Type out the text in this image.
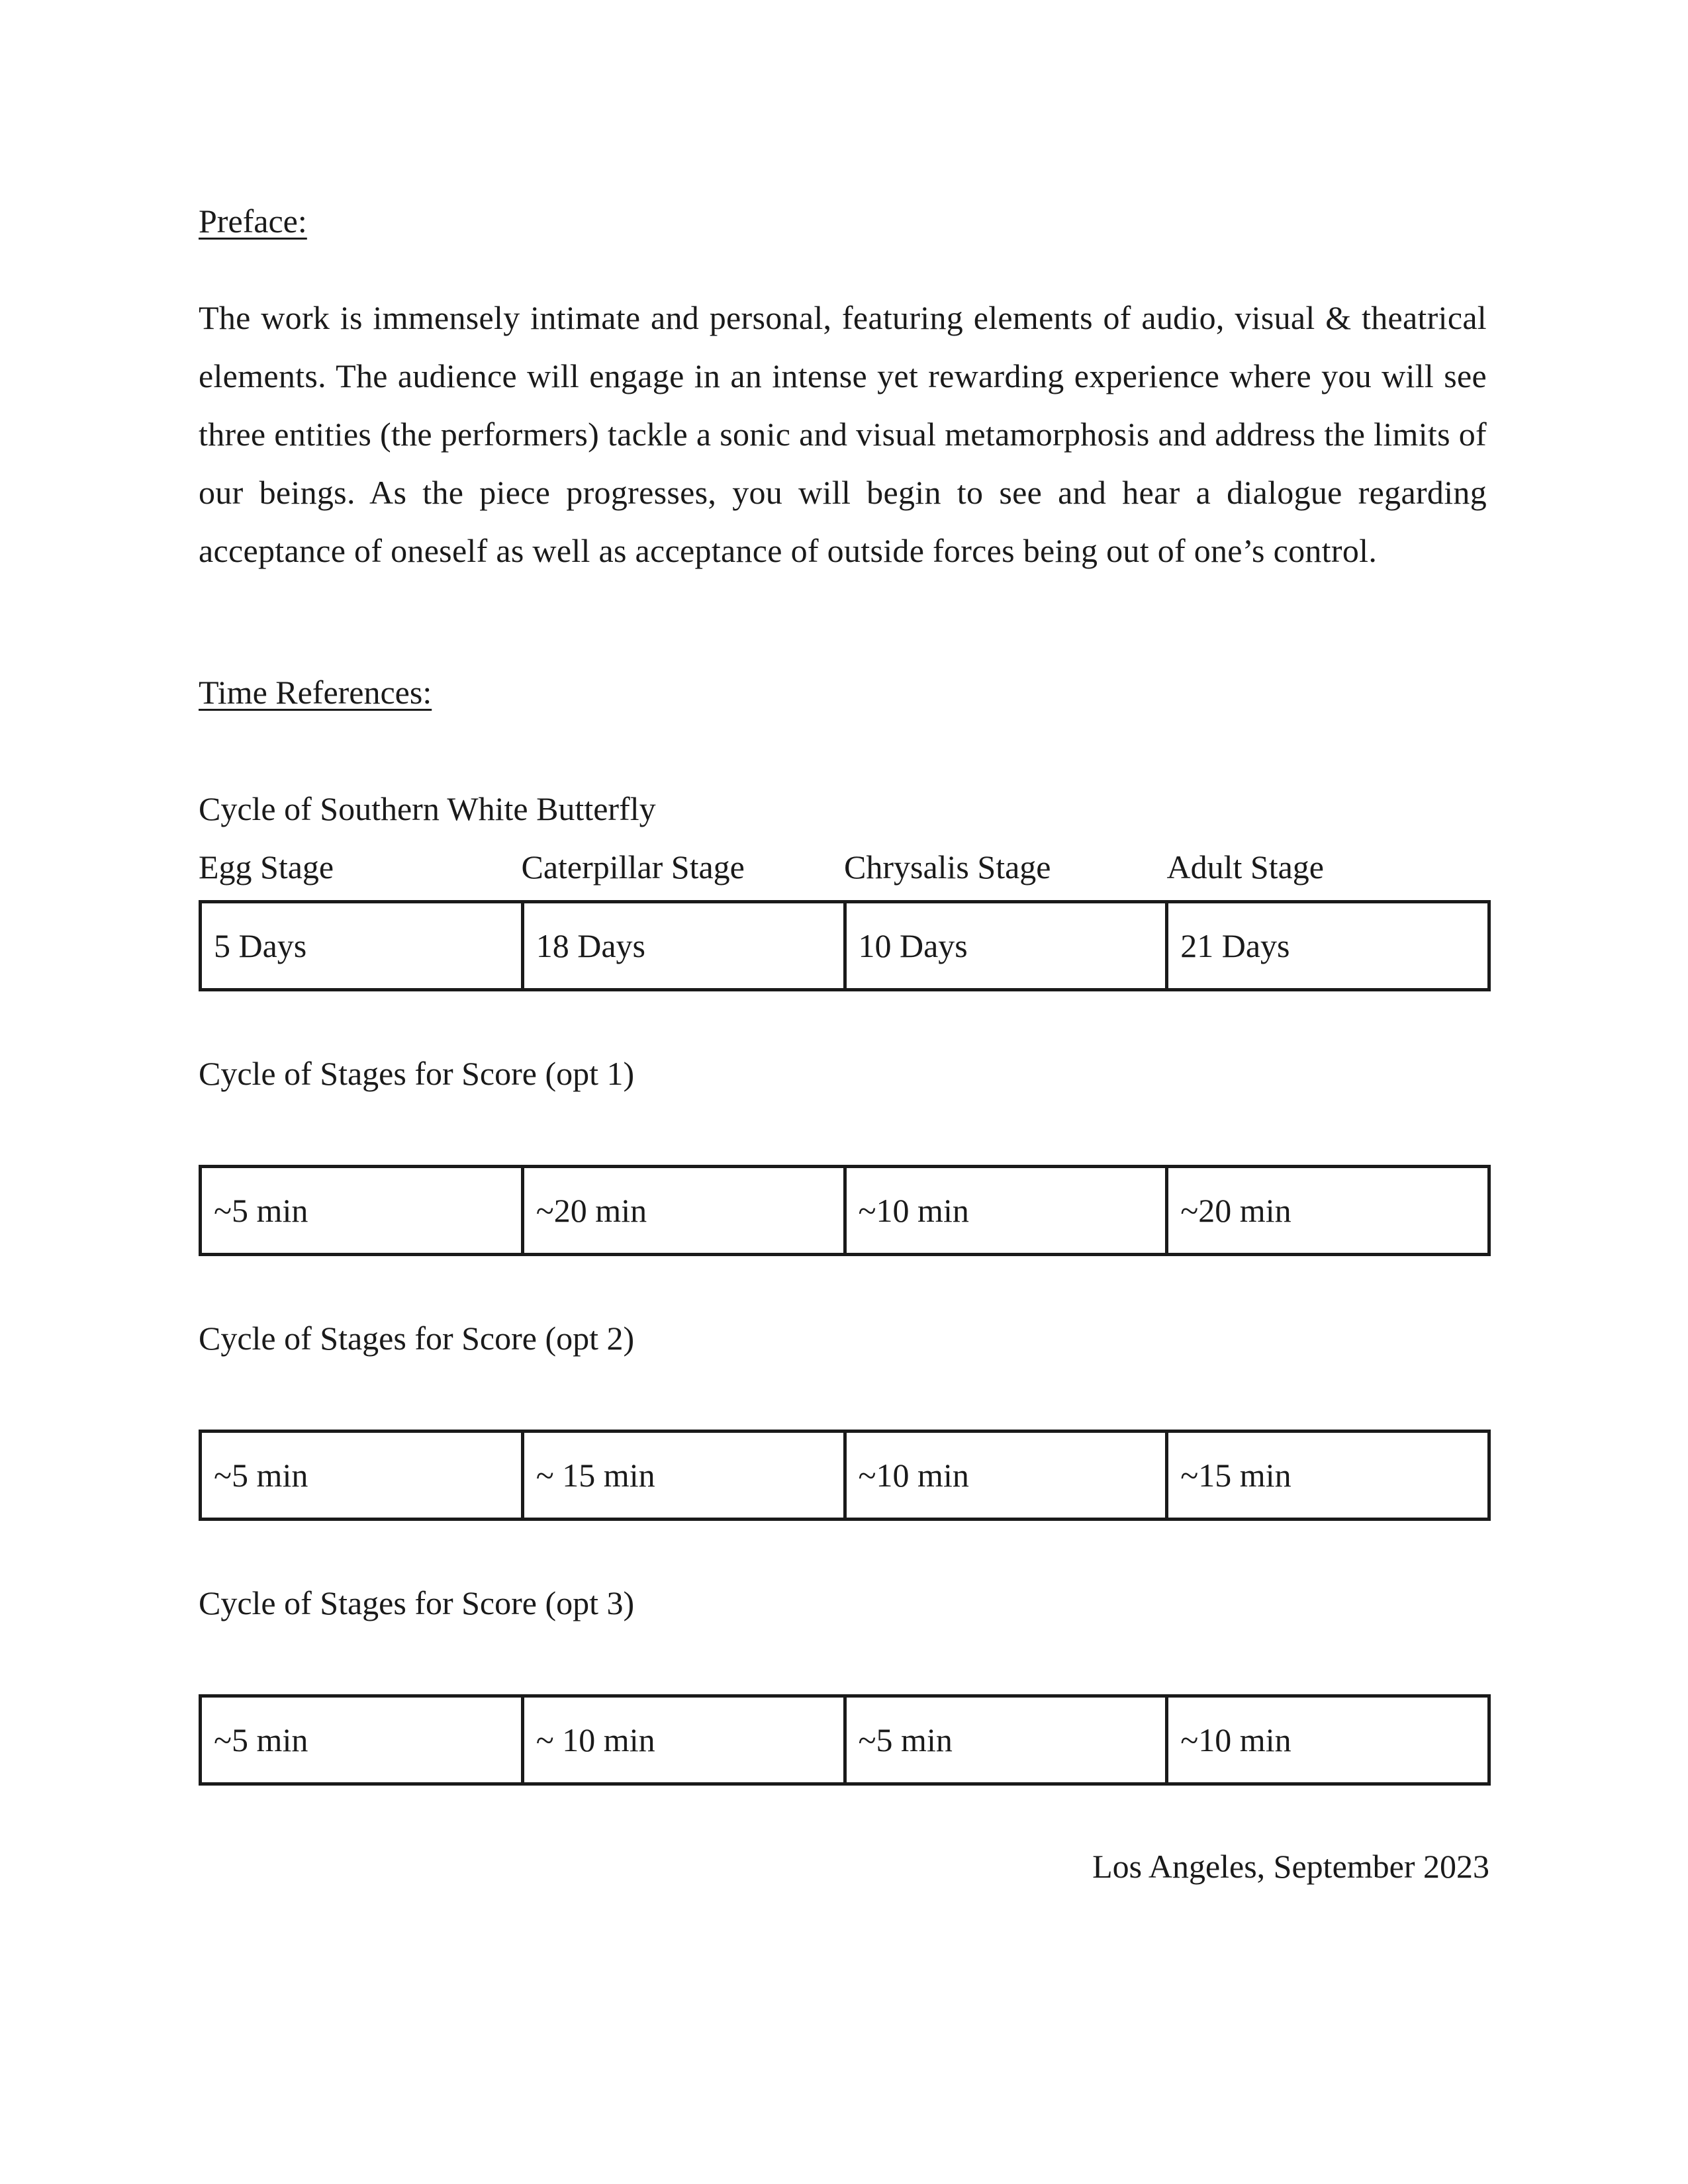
Preface:

The work is immensely intimate and personal, featuring elements of audio, visual & theatrical elements. The audience will engage in an intense yet rewarding experience where you will see three entities (the performers) tackle a sonic and visual metamorphosis and address the limits of our beings. As the piece progresses, you will begin to see and hear a dialogue regarding acceptance of oneself as well as acceptance of outside forces being out of one’s control.

Time References:
Cycle of Southern White Butterfly
Egg Stage	Caterpillar Stage	Chrysalis Stage	Adult Stage
5 Days	18 Days	10 Days	21 Days
Cycle of Stages for Score (opt 1)
~5 min	~20 min	~10 min	~20 min
Cycle of Stages for Score (opt 2)
~5 min	~ 15 min	~10 min	~15 min
Cycle of Stages for Score (opt 3)
~5 min	~ 10 min	~5 min	~10 min
Los Angeles, September 2023
